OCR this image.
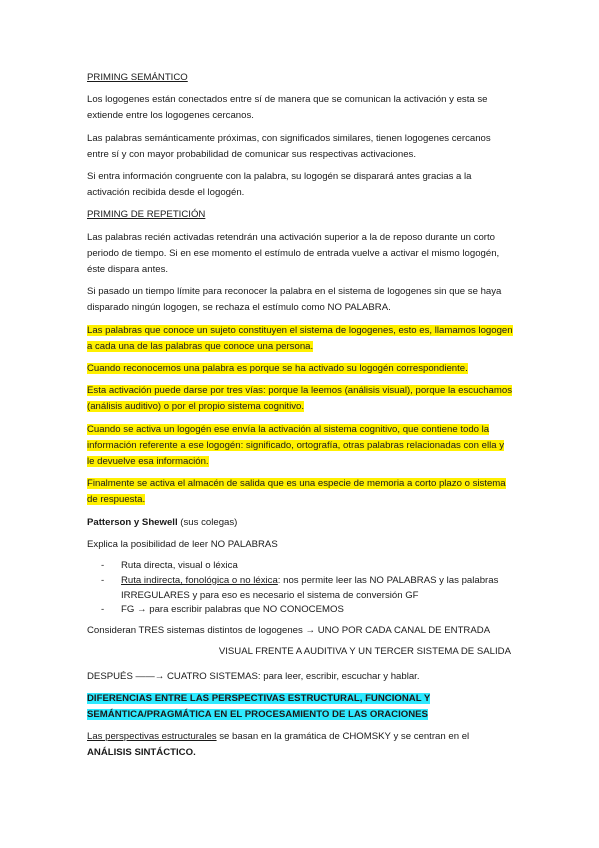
PRIMING SEMÁNTICO

Los logogenes están conectados entre sí de manera que se comunican la activación y esta se extiende entre los logogenes cercanos.

Las palabras semánticamente próximas, con significados similares, tienen logogenes cercanos entre sí y con mayor probabilidad de comunicar sus respectivas activaciones.

Si entra información congruente con la palabra, su logogén se disparará antes gracias a la activación recibida desde el logogén.

PRIMING DE REPETICIÓN

Las palabras recién activadas retendrán una activación superior a la de reposo durante un corto periodo de tiempo. Si en ese momento el estímulo de entrada vuelve a activar el mismo logogén, éste dispara antes.

Si pasado un tiempo límite para reconocer la palabra en el sistema de logogenes sin que se haya disparado ningún logogen, se rechaza el estímulo como NO PALABRA.

Las palabras que conoce un sujeto constituyen el sistema de logogenes, esto es, llamamos logogen a cada una de las palabras que conoce una persona.

Cuando reconocemos una palabra es porque se ha activado su logogén correspondiente.

Esta activación puede darse por tres vías: porque la leemos (análisis visual), porque la escuchamos (análisis auditivo) o por el propio sistema cognitivo.

Cuando se activa un logogén ese envía la activación al sistema cognitivo, que contiene todo la información referente a ese logogén: significado, ortografía, otras palabras relacionadas con ella y le devuelve esa información.

Finalmente se activa el almacén de salida que es una especie de memoria a corto plazo o sistema de respuesta.

Patterson y Shewell (sus colegas)

Explica la posibilidad de leer NO PALABRAS

- Ruta directa, visual o léxica
- Ruta indirecta, fonológica o no léxica: nos permite leer las NO PALABRAS y las palabras IRREGULARES y para eso es necesario el sistema de conversión GF
- FG → para escribir palabras que NO CONOCEMOS

Consideran TRES sistemas distintos de logogenes → UNO POR CADA CANAL DE ENTRADA

VISUAL FRENTE A AUDITIVA Y UN TERCER SISTEMA DE SALIDA

DESPUÉS ——→ CUATRO SISTEMAS: para leer, escribir, escuchar y hablar.

DIFERENCIAS ENTRE LAS PERSPECTIVAS ESTRUCTURAL, FUNCIONAL Y SEMÁNTICA/PRAGMÁTICA EN EL PROCESAMIENTO DE LAS ORACIONES

Las perspectivas estructurales se basan en la gramática de CHOMSKY y se centran en el

ANÁLISIS SINTÁCTICO.
